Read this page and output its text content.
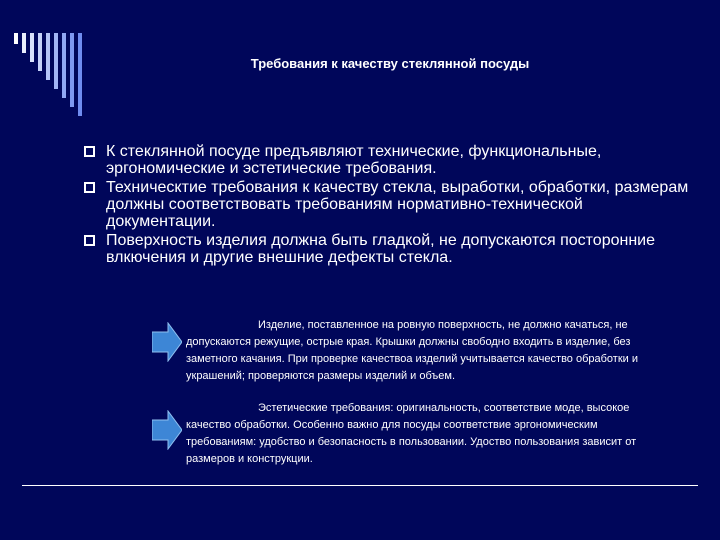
Требования к качеству стеклянной посуды
К стеклянной посуде предъявляют технические, функциональные, эргономические и эстетические требования.
Техническтие требования к качеству стекла, выработки, обработки, размерам должны соответствовать требованиям нормативно-технической документации.
Поверхность изделия должна быть гладкой, не допускаются посторонние влкючения и другие внешние дефекты стекла.

Изделие, поставленное на ровную поверхность, не должно качаться, не допускаются режущие, острые края. Крышки должны свободно входить в изделие, без заметного качания. При проверке качествоа изделий учитывается качество обработки и украшений; проверяются размеры изделий и объем.

Эстетические требования: оригинальность, соответствие моде, высокое качество обработки. Особенно важно для посуды соответствие эргономическим требованиям: удобство и безопасность в пользовании. Удоство пользования зависит от размеров и конструкции.
